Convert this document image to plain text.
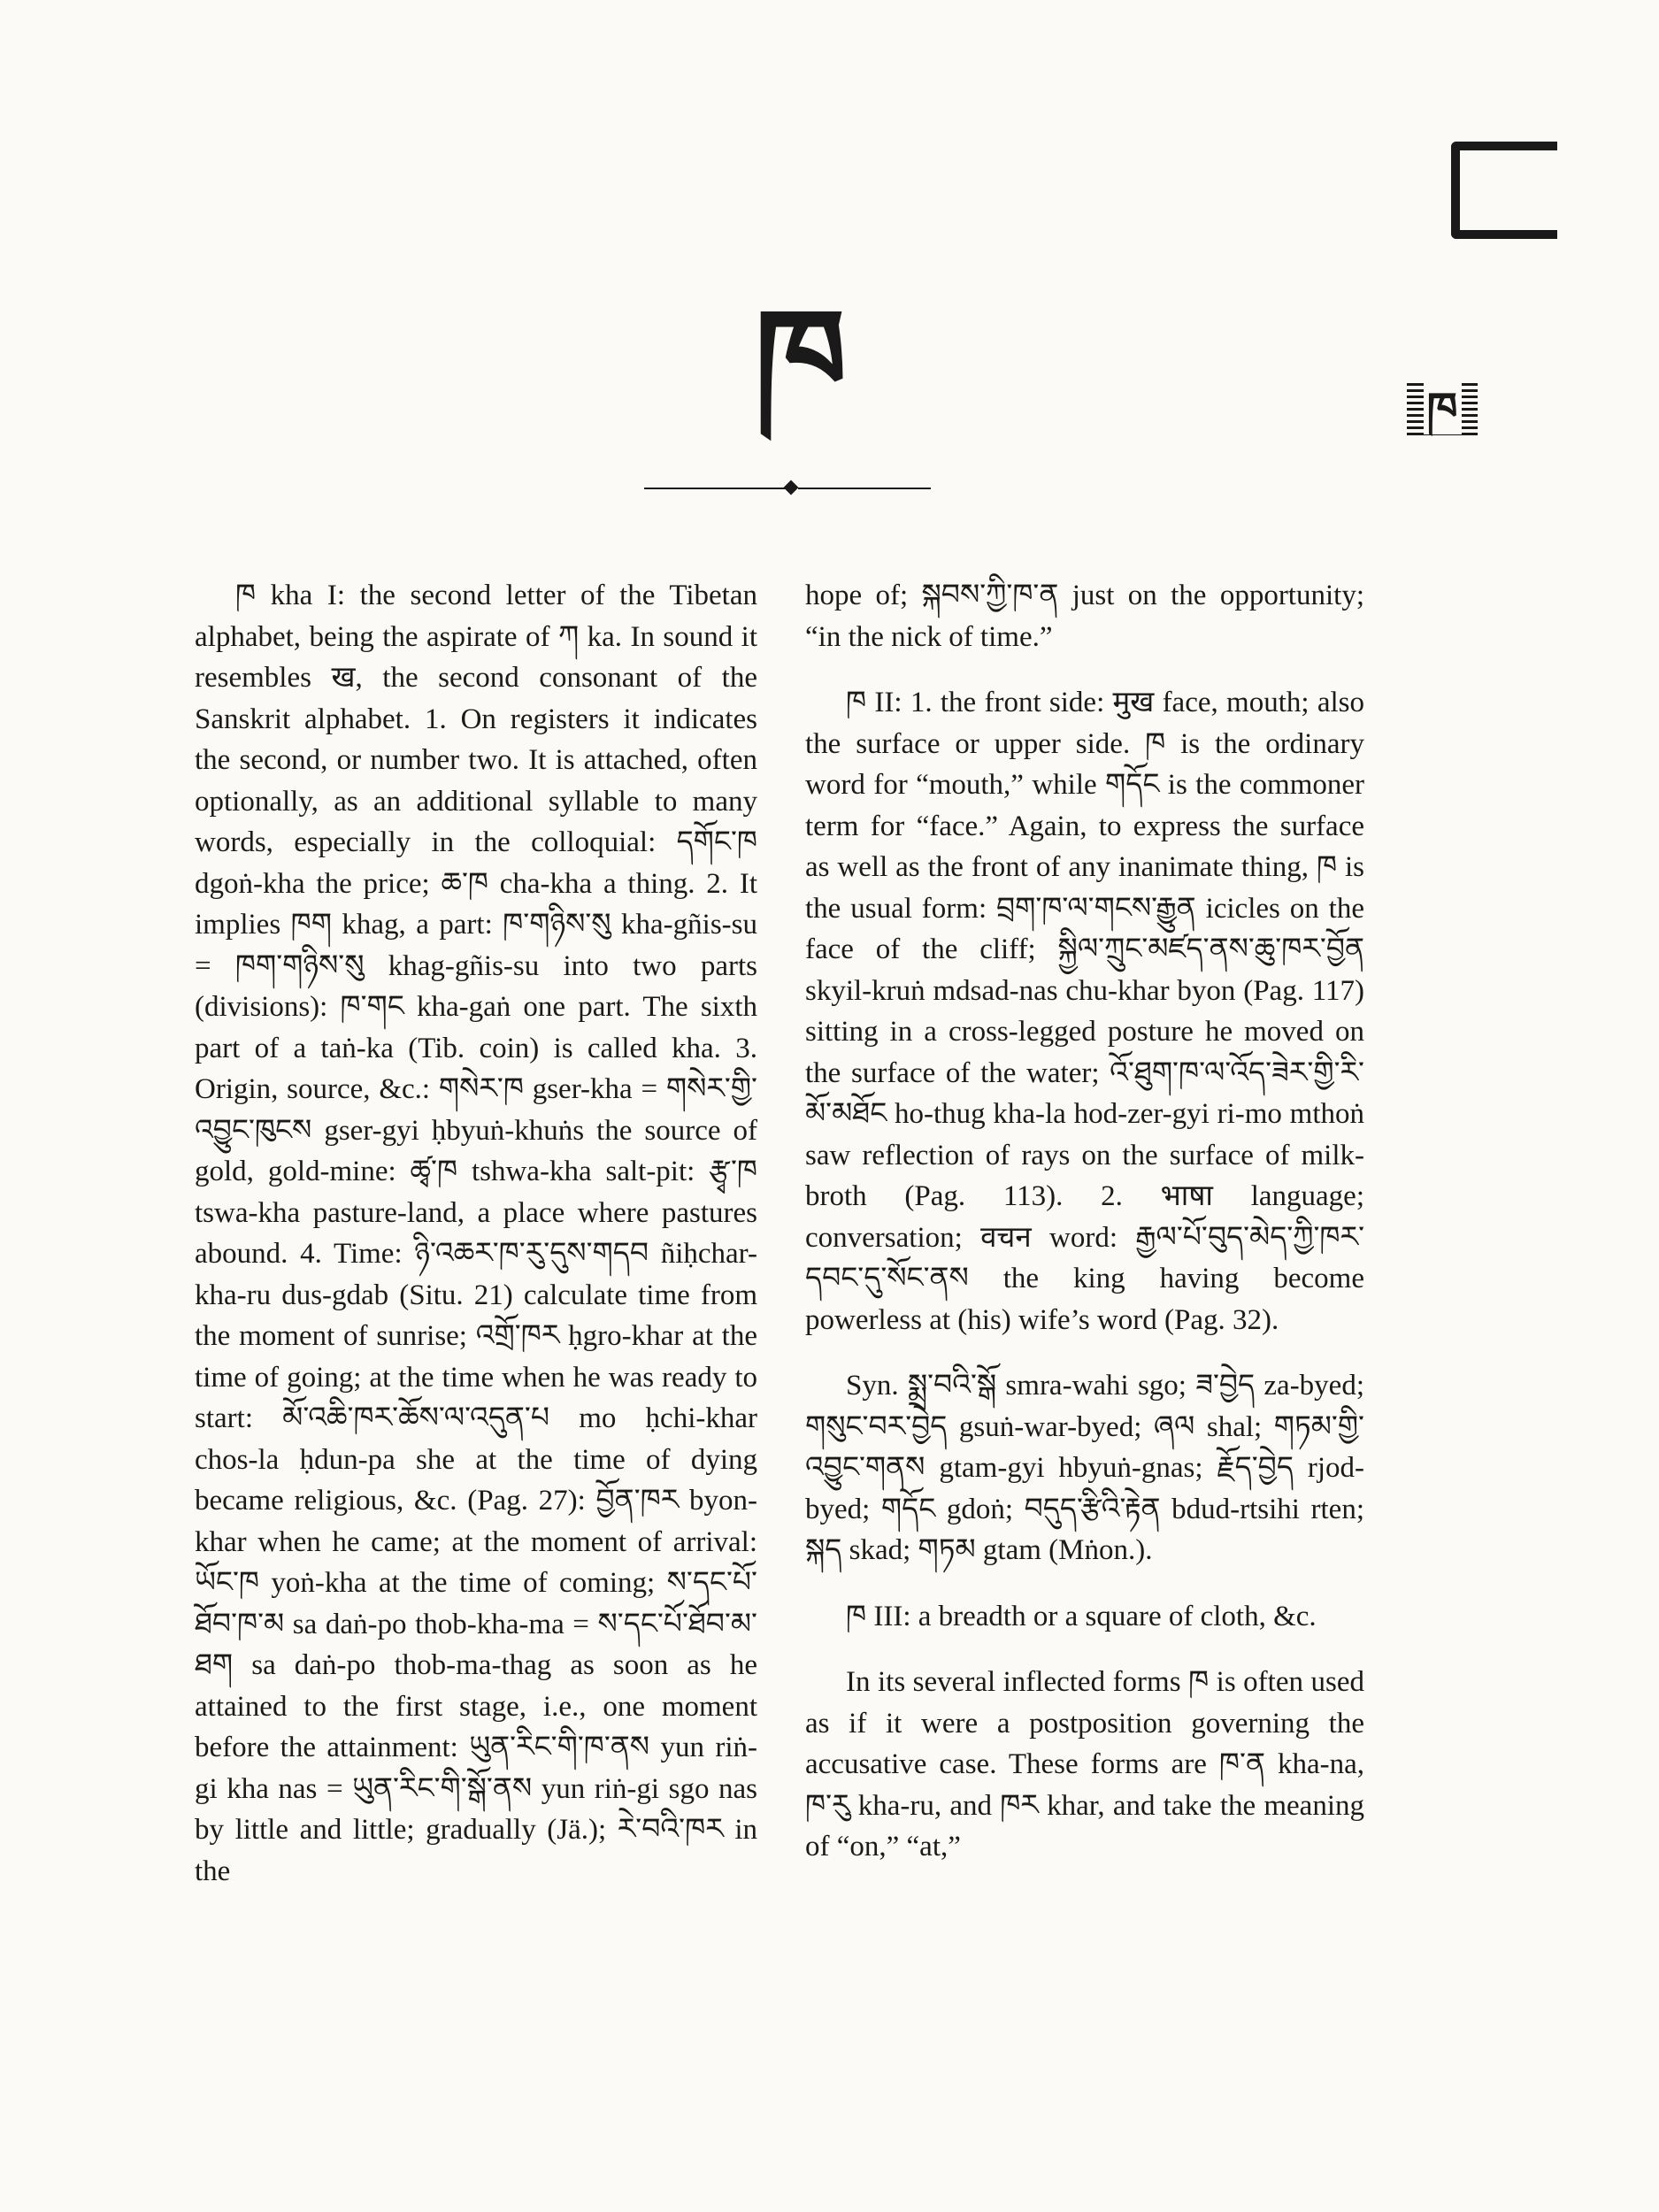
ཁ
ཁ

ཁ kha I: the second letter of the Tibetan alphabet, being the aspirate of ཀ ka. In sound it resembles ख, the second consonant of the Sanskrit alphabet. 1. On registers it indicates the second, or number two. It is attached, often optionally, as an additional syllable to many words, especially in the colloquial: དགོང་ཁ dgoṅ-kha the price; ཆ་ཁ cha-kha a thing. 2. It implies ཁག khag, a part: ཁ་གཉིས་སུ kha-gñis-su = ཁག་གཉིས་སུ khag-gñis-su into two parts (divisions): ཁ་གང kha-gaṅ one part. The sixth part of a taṅ-ka (Tib. coin) is called kha. 3. Origin, source, &c.: གསེར་ཁ gser-kha = གསེར་གྱི་འབྱུང་ཁུངས gser-gyi ḥbyuṅ-khuṅs the source of gold, gold-mine: ཚྭ་ཁ tshwa-kha salt-pit: རྩྭ་ཁ tswa-kha pasture-land, a place where pastures abound. 4. Time: ཉི་འཆར་ཁ་རུ་དུས་གདབ ñiḥchar-kha-ru dus-gdab (Situ. 21) calculate time from the moment of sunrise; འགྲོ་ཁར ḥgro-khar at the time of going; at the time when he was ready to start: མོ་འཆི་ཁར་ཆོས་ལ་འདུན་པ mo ḥchi-khar chos-la ḥdun-pa she at the time of dying became religious, &c. (Pag. 27): བྱོན་ཁར byon-khar when he came; at the moment of arrival: ཡོང་ཁ yoṅ-kha at the time of coming; ས་དང་པོ་ཐོབ་ཁ་མ sa daṅ-po thob-kha-ma = ས་དང་པོ་ཐོབ་མ་ཐག sa daṅ-po thob-ma-thag as soon as he attained to the first stage, i.e., one moment before the attainment: ཡུན་རིང་གི་ཁ་ནས yun riṅ-gi kha nas = ཡུན་རིང་གི་སྒོ་ནས yun riṅ-gi sgo nas by little and little; gradually (Jä.); རེ་བའི་ཁར in the

hope of; སྐབས་ཀྱི་ཁ་ན just on the opportunity; “in the nick of time.”

ཁ II: 1. the front side: मुख face, mouth; also the surface or upper side. ཁ is the ordinary word for “mouth,” while གདོང is the commoner term for “face.” Again, to express the surface as well as the front of any inanimate thing, ཁ is the usual form: བྲག་ཁ་ལ་གངས་རྒྱུན icicles on the face of the cliff; སྐྱིལ་ཀྲུང་མཛད་ནས་ཆུ་ཁར་བྱོན skyil-kruṅ mdsad-nas chu-khar byon (Pag. 117) sitting in a cross-legged posture he moved on the surface of the water; འོ་ཐུག་ཁ་ལ་འོད་ཟེར་གྱི་རི་མོ་མཐོང ho-thug kha-la hod-zer-gyi ri-mo mthoṅ saw reflection of rays on the surface of milk-broth (Pag. 113). 2. भाषा language; conversation; वचन word: རྒྱལ་པོ་བུད་མེད་ཀྱི་ཁར་དབང་དུ་སོང་ནས the king having become powerless at (his) wife’s word (Pag. 32).

Syn. སྨྲ་བའི་སྒོ smra-wahi sgo; ཟ་བྱེད za-byed; གསུང་བར་བྱེད gsuṅ-war-byed; ཞལ shal; གཏམ་གྱི་འབྱུང་གནས gtam-gyi hbyuṅ-gnas; རྗོད་བྱེད rjod-byed; གདོང gdoṅ; བདུད་རྩིའི་རྟེན bdud-rtsihi rten; སྐད skad; གཏམ gtam (Mṅon.).

ཁ III: a breadth or a square of cloth, &c.

In its several inflected forms ཁ is often used as if it were a postposition governing the accusative case. These forms are ཁ་ན kha-na, ཁ་རུ kha-ru, and ཁར khar, and take the meaning of “on,” “at,”
